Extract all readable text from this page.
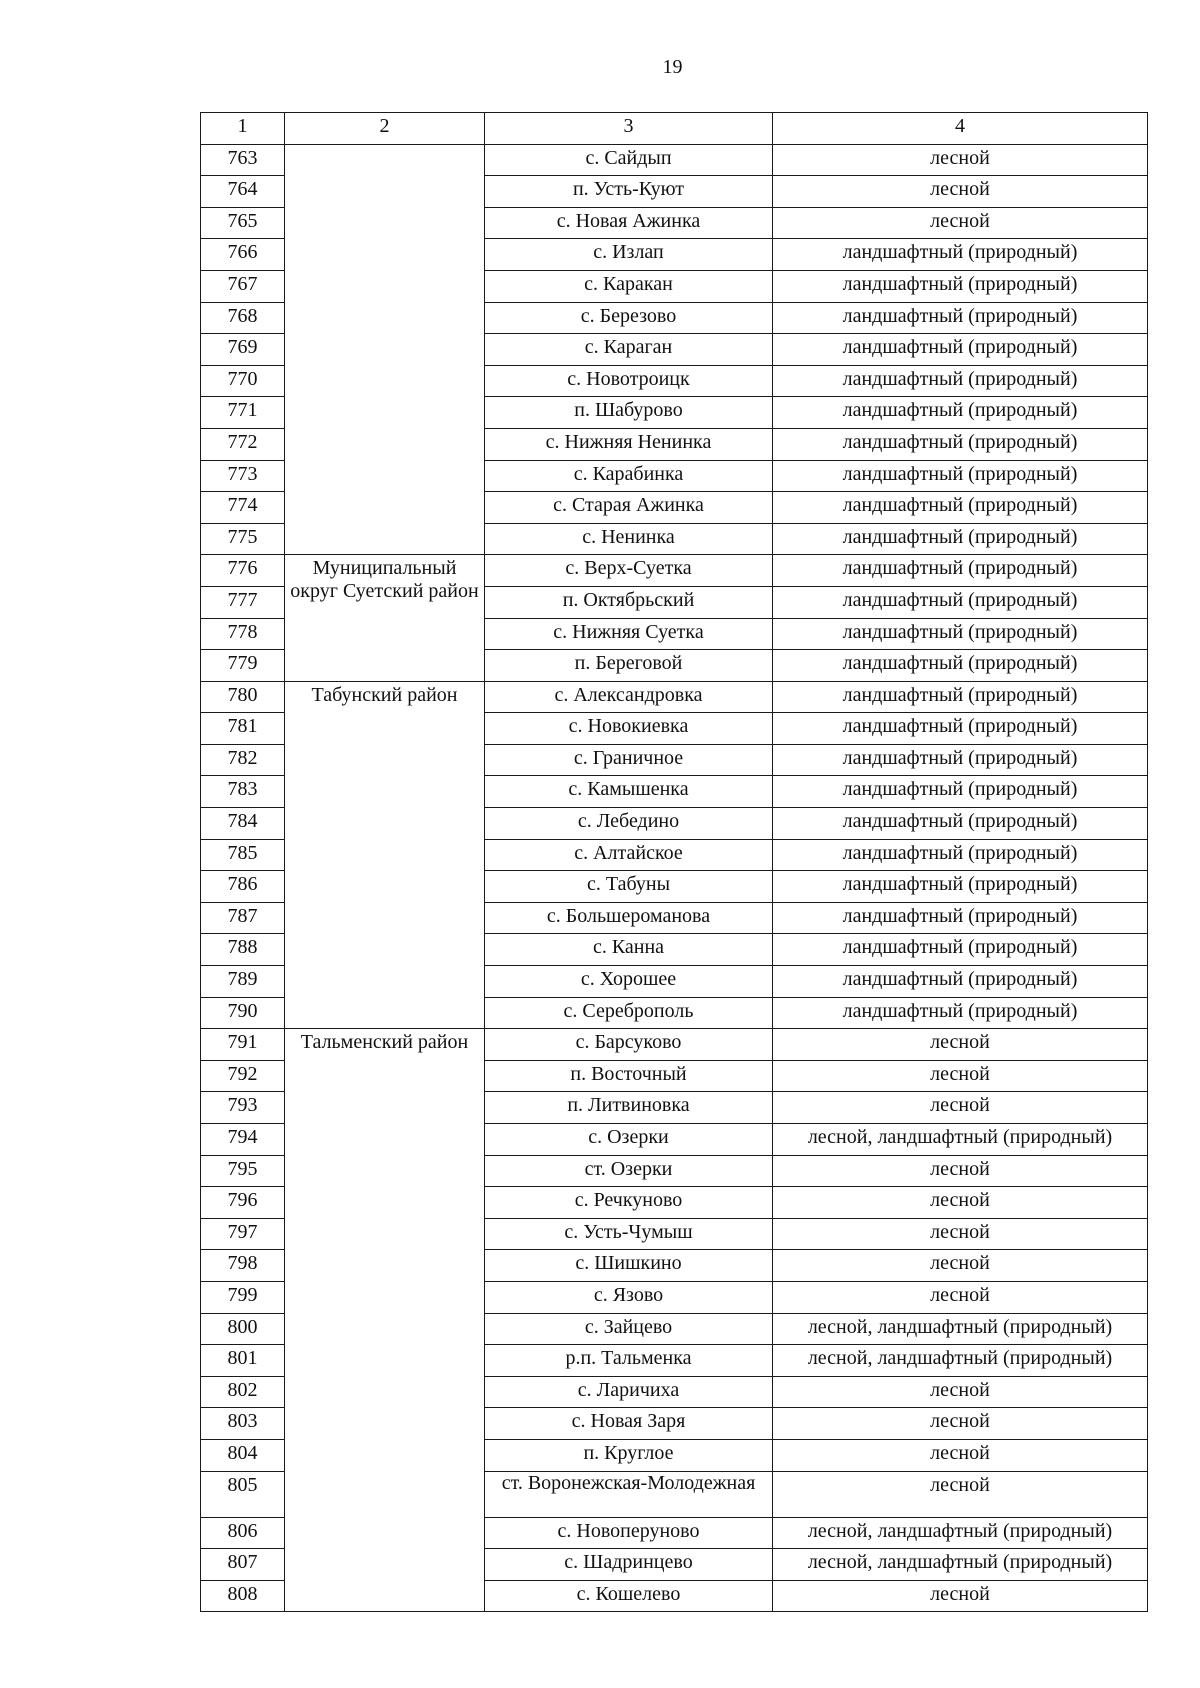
19
1	2	3	4
763		с. Сайдып	лесной
764		п. Усть-Куют	лесной
765		с. Новая Ажинка	лесной
766		с. Излап	ландшафтный (природный)
767		с. Каракан	ландшафтный (природный)
768		с. Березово	ландшафтный (природный)
769		с. Караган	ландшафтный (природный)
770		с. Новотроицк	ландшафтный (природный)
771		п. Шабурово	ландшафтный (природный)
772		с. Нижняя Ненинка	ландшафтный (природный)
773		с. Карабинка	ландшафтный (природный)
774		с. Старая Ажинка	ландшафтный (природный)
775		с. Ненинка	ландшафтный (природный)
776	Муниципальный округ Суетский район	с. Верх-Суетка	ландшафтный (природный)
777		п. Октябрьский	ландшафтный (природный)
778		с. Нижняя Суетка	ландшафтный (природный)
779		п. Береговой	ландшафтный (природный)
780	Табунский район	с. Александровка	ландшафтный (природный)
781		с. Новокиевка	ландшафтный (природный)
782		с. Граничное	ландшафтный (природный)
783		с. Камышенка	ландшафтный (природный)
784		с. Лебедино	ландшафтный (природный)
785		с. Алтайское	ландшафтный (природный)
786		с. Табуны	ландшафтный (природный)
787		с. Большероманова	ландшафтный (природный)
788		с. Канна	ландшафтный (природный)
789		с. Хорошее	ландшафтный (природный)
790		с. Сереброполь	ландшафтный (природный)
791	Тальменский район	с. Барсуково	лесной
792		п. Восточный	лесной
793		п. Литвиновка	лесной
794		с. Озерки	лесной, ландшафтный (природный)
795		ст. Озерки	лесной
796		с. Речкуново	лесной
797		с. Усть-Чумыш	лесной
798		с. Шишкино	лесной
799		с. Язово	лесной
800		с. Зайцево	лесной, ландшафтный (природный)
801		р.п. Тальменка	лесной, ландшафтный (природный)
802		с. Ларичиха	лесной
803		с. Новая Заря	лесной
804		п. Круглое	лесной
805		ст. Воронежская-Молодежная	лесной
806		с. Новоперуново	лесной, ландшафтный (природный)
807		с. Шадринцево	лесной, ландшафтный (природный)
808		с. Кошелево	лесной
